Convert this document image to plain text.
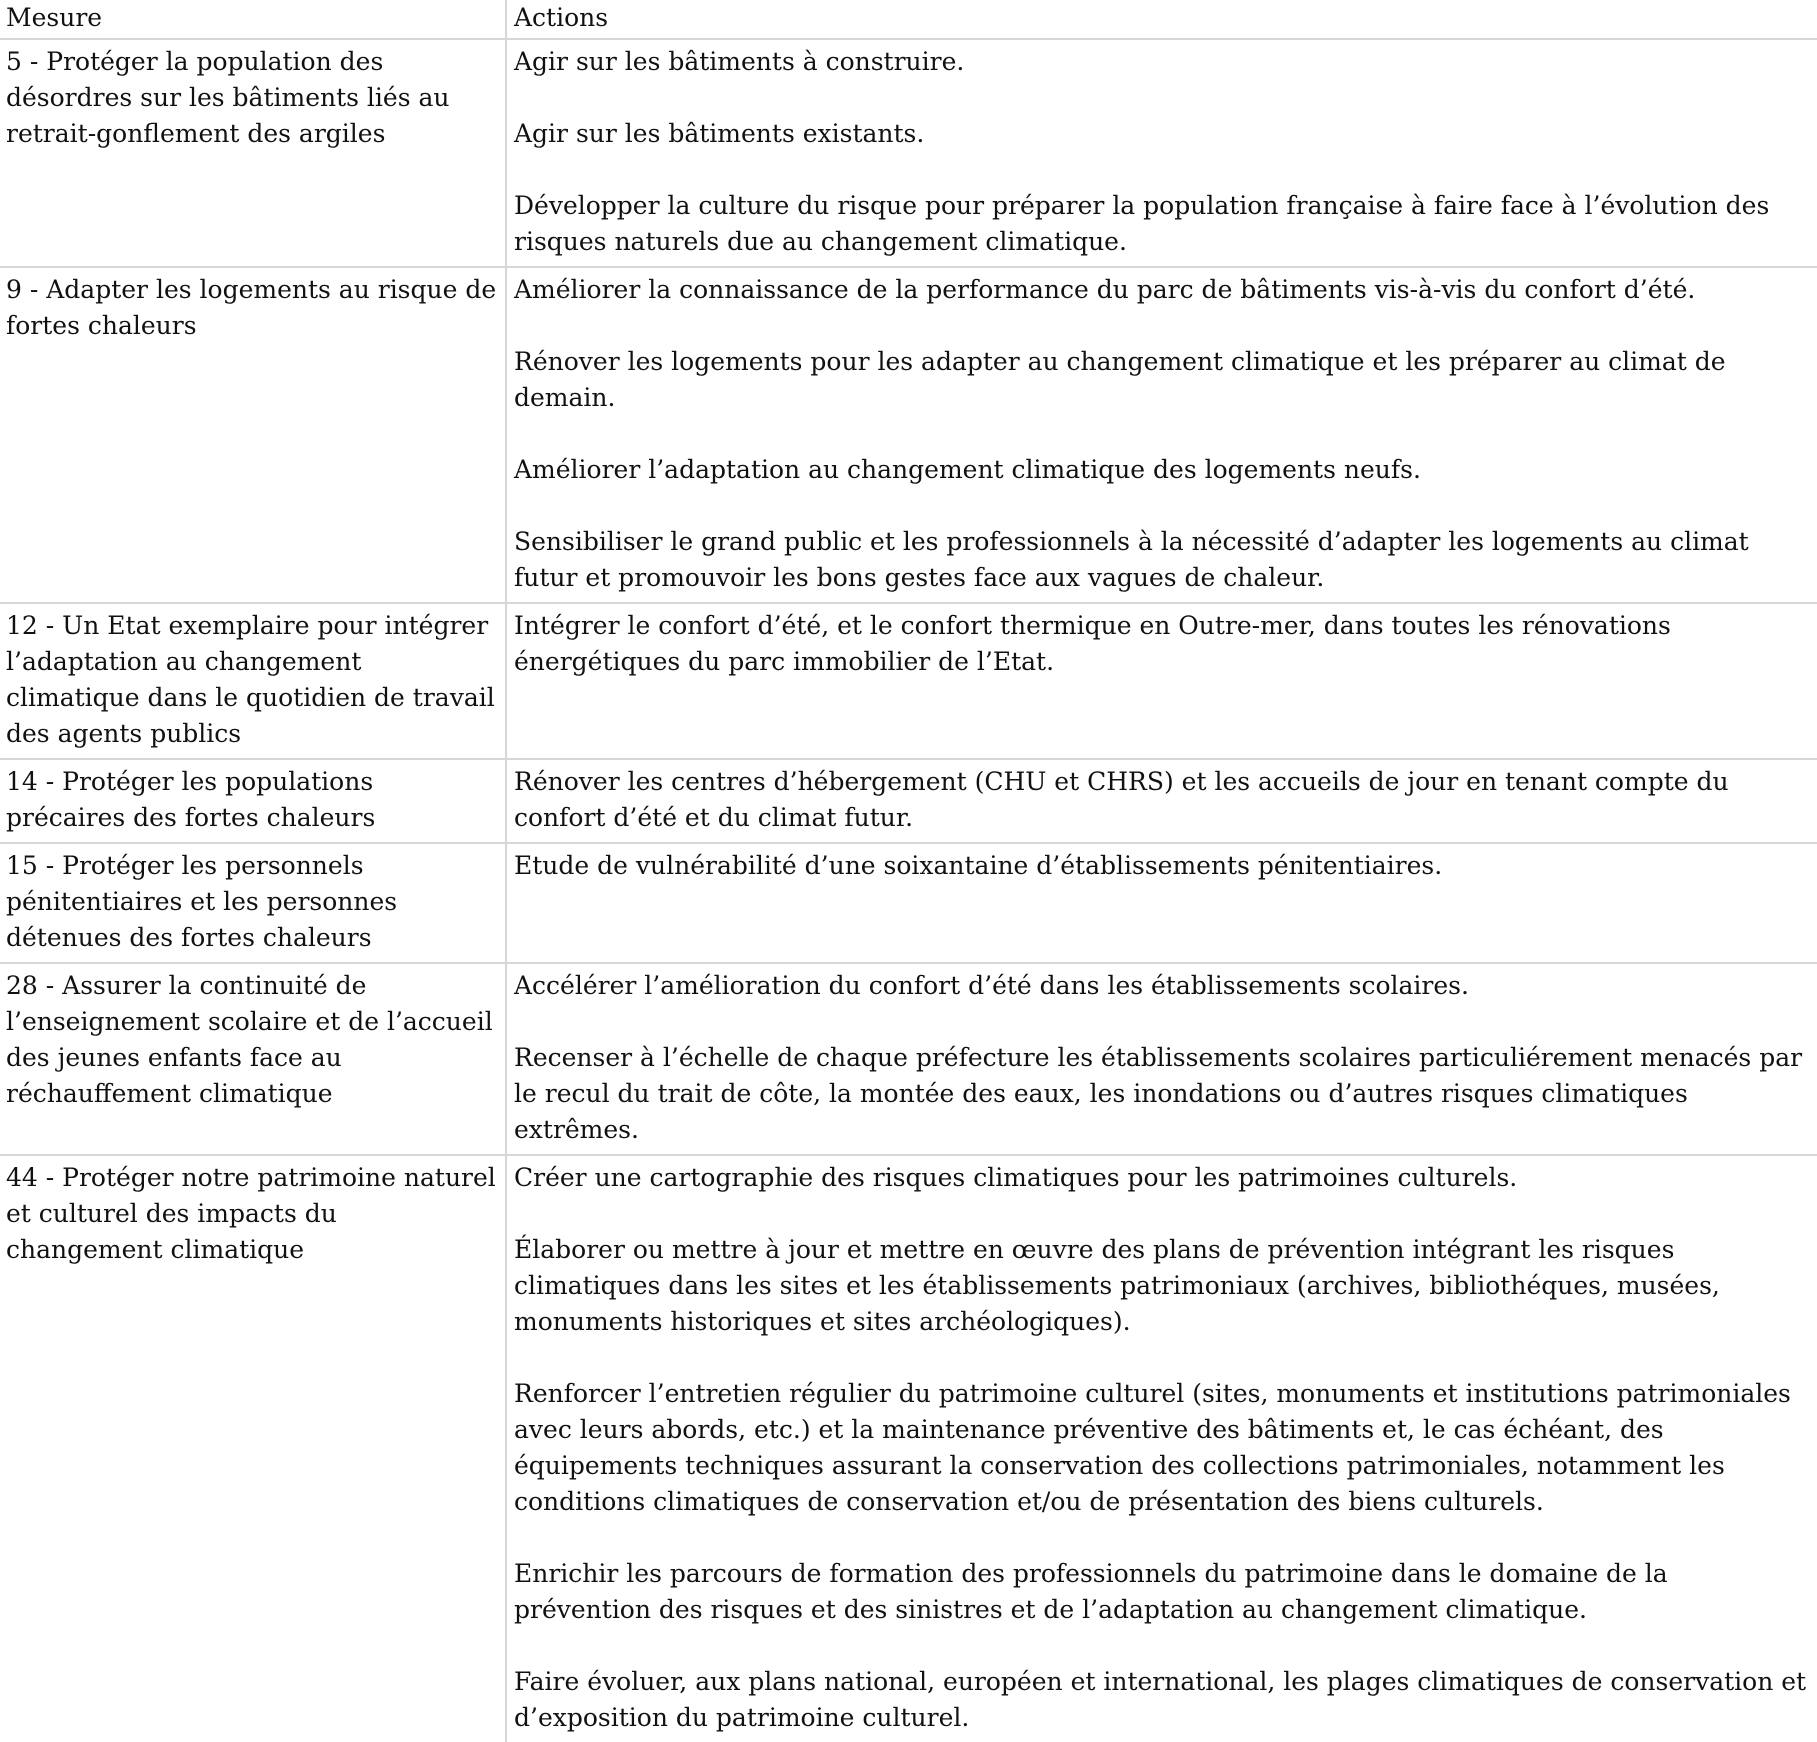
Mesure	Actions
5 - Protéger la population des désordres sur les bâtiments liés au retrait-gonflement des argiles	Agir sur les bâtiments à construire.

Agir sur les bâtiments existants.

Développer la culture du risque pour préparer la population française à faire face à l’évolution des risques naturels due au changement climatique.

9 - Adapter les logements au risque de fortes chaleurs	Améliorer la connaissance de la performance du parc de bâtiments vis-à-vis du confort d’été.

Rénover les logements pour les adapter au changement climatique et les préparer au climat de demain.

Améliorer l’adaptation au changement climatique des logements neufs.

Sensibiliser le grand public et les professionnels à la nécessité d’adapter les logements au climat futur et promouvoir les bons gestes face aux vagues de chaleur.

12 - Un Etat exemplaire pour intégrer l’adaptation au changement climatique dans le quotidien de travail des agents publics	Intégrer le confort d’été, et le confort thermique en Outre-mer, dans toutes les rénovations énergétiques du parc immobilier de l’Etat.

14 - Protéger les populations précaires des fortes chaleurs	Rénover les centres d’hébergement (CHU et CHRS) et les accueils de jour en tenant compte du confort d’été et du climat futur.

15 - Protéger les personnels pénitentiaires et les personnes détenues des fortes chaleurs	Etude de vulnérabilité d’une soixantaine d’établissements pénitentiaires.

28 - Assurer la continuité de l’enseignement scolaire et de l’accueil des jeunes enfants face au réchauffement climatique	Accélérer l’amélioration du confort d’été dans les établissements scolaires.

Recenser à l’échelle de chaque préfecture les établissements scolaires particuliérement menacés par le recul du trait de côte, la montée des eaux, les inondations ou d’autres risques climatiques extrêmes.

44 - Protéger notre patrimoine naturel et culturel des impacts du changement climatique	Créer une cartographie des risques climatiques pour les patrimoines culturels.

Élaborer ou mettre à jour et mettre en œuvre des plans de prévention intégrant les risques climatiques dans les sites et les établissements patrimoniaux (archives, bibliothéques, musées, monuments historiques et sites archéologiques).

Renforcer l’entretien régulier du patrimoine culturel (sites, monuments et institutions patrimoniales avec leurs abords, etc.) et la maintenance préventive des bâtiments et, le cas échéant, des équipements techniques assurant la conservation des collections patrimoniales, notamment les conditions climatiques de conservation et/ou de présentation des biens culturels.

Enrichir les parcours de formation des professionnels du patrimoine dans le domaine de la prévention des risques et des sinistres et de l’adaptation au changement climatique.

Faire évoluer, aux plans national, européen et international, les plages climatiques de conservation et d’exposition du patrimoine culturel.
